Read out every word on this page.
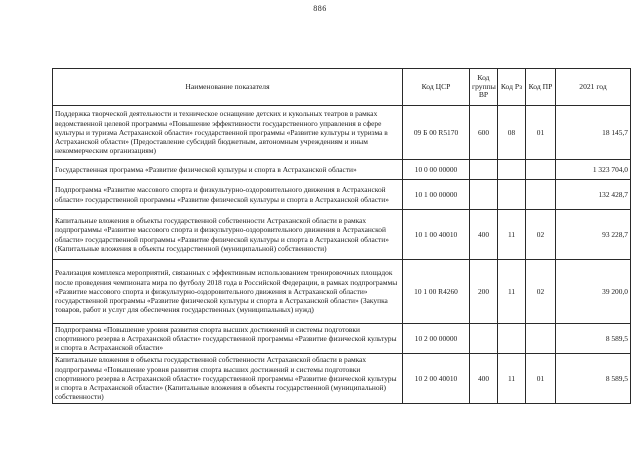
886
Наименование показателя	Код ЦСР	Код группы ВР	Код Рз	Код ПР	2021 год
Поддержка творческой деятельности и техническое оснащение детских и кукольных театров в рамках ведомственной целевой программы «Повышение эффективности государственного управления в сфере культуры и туризма Астраханской области» государственной программы «Развитие культуры и туризма в Астраханской области» (Предоставление субсидий бюджетным, автономным учреждениям и иным некоммерческим организациям)	09 Б 00 R5170	600	08	01	18 145,7
Государственная программа «Развитие физической культуры и спорта в Астраханской области»	10 0 00 00000				1 323 704,0
Подпрограмма «Развитие массового спорта и физкультурно-оздоровительного движения в Астраханской области» государственной программы «Развитие физической культуры и спорта в Астраханской области»	10 1 00 00000				132 428,7
Капитальные вложения в объекты государственной собственности Астраханской области в рамках подпрограммы «Развитие массового спорта и физкультурно-оздоровительного движения в Астраханской области» государственной программы «Развитие физической культуры и спорта в Астраханской области» (Капитальные вложения в объекты государственной (муниципальной) собственности)	10 1 00 40010	400	11	02	93 228,7
Реализация комплекса мероприятий, связанных с эффективным использованием тренировочных площадок после проведения чемпионата мира по футболу 2018 года в Российской Федерации, в рамках подпрограммы «Развитие массового спорта и физкультурно-оздоровительного движения в Астраханской области» государственной программы «Развитие физической культуры и спорта в Астраханской области» (Закупка товаров, работ и услуг для обеспечения государственных (муниципальных) нужд)	10 1 00 R4260	200	11	02	39 200,0
Подпрограмма «Повышение уровня развития спорта высших достижений и системы подготовки спортивного резерва в Астраханской области» государственной программы «Развитие физической культуры и спорта в Астраханской области»	10 2 00 00000				8 589,5
Капитальные вложения в объекты государственной собственности Астраханской области в рамках подпрограммы «Повышение уровня развития спорта высших достижений и системы подготовки спортивного резерва в Астраханской области» государственной программы «Развитие физической культуры и спорта в Астраханской области» (Капитальные вложения в объекты государственной (муниципальной) собственности)	10 2 00 40010	400	11	01	8 589,5
